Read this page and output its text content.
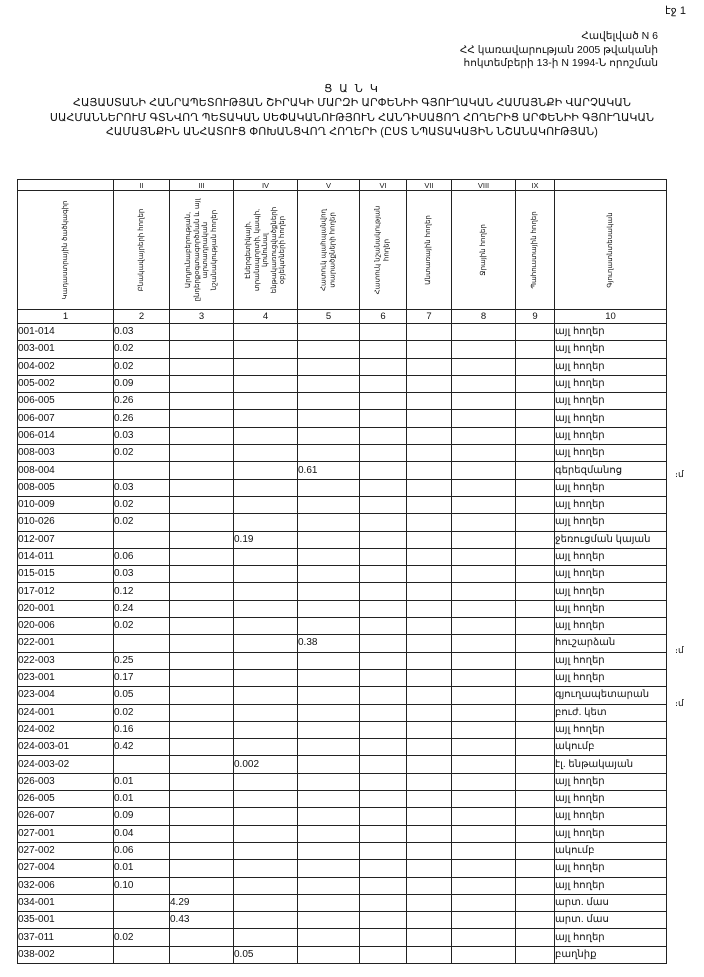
էջ 1
Հավելված N 6
ՀՀ կառավարության 2005 թվականի
հոկտեմբերի 13-ի N 1994-Ն որոշման
Ց Ա Ն Կ
ՀԱՅԱՍՏԱՆԻ ՀԱՆՐԱՊԵՏՈՒԹՅԱՆ ՇԻՐԱԿԻ ՄԱՐԶԻ ԱՐՓԵՆԻԻ ԳՅՈՒՂԱԿԱՆ ՀԱՄԱՅՆՔԻ ՎԱՐՉԱԿԱՆ ՍԱՀՄԱՆՆԵՐՈՒՄ ԳՏՆՎՈՂ ՊԵՏԱԿԱՆ ՍԵՓԱԿԱՆՈՒԹՅՈՒՆ ՀԱՆԴԻՍԱՑՈՂ ՀՈՂԵՐԻՑ ԱՐՓԵՆԻԻ ԳՅՈՒՂԱԿԱՆ ՀԱՄԱՅՆՔԻՆ ԱՆՀԱՏՈՒՑ ՓՈԽԱՆՑՎՈՂ ՀՈՂԵՐԻ (ԸՍՏ ՆՊԱՏԱԿԱՅԻՆ ՆՇԱՆԱԿՈՒԹՅԱՆ)
	II	III	IV	V	VI	VII	VIII	IX	

Կադաստրային ծածկագիր	Բնակավայրերի հողեր	Արդյունաբերության, ընդերքօգտագործման և այլ արտադրական նշանակության հողեր	Էներգետիկայի, տրանսպորտի, կապի, կոմունալ ենթակառուցվածքների օբյեկտների հողեր	Հատուկ պահպանվող տարածքների հողեր	Հատուկ նշանակության հողեր	Անտառային հողեր	Ջրային հողեր	Պահուստային հողեր	Գյուղատնտեսական

1	2	3	4	5	6	7	8	9	10
001-014	0.03								այլ հողեր
003-001	0.02								այլ հողեր
004-002	0.02								այլ հողեր
005-002	0.09								այլ հողեր
006-005	0.26								այլ հողեր
006-007	0.26								այլ հողեր
006-014	0.03								այլ հողեր
008-003	0.02								այլ հողեր
008-004				0.61					գերեզմանոց
008-005	0.03								այլ հողեր
010-009	0.02								այլ հողեր
010-026	0.02								այլ հողեր
012-007			0.19						ջեռուցման կայան
014-011	0.06								այլ հողեր
015-015	0.03								այլ հողեր
017-012	0.12								այլ հողեր
020-001	0.24								այլ հողեր
020-006	0.02								այլ հողեր
022-001				0.38					հուշարձան
022-003	0.25								այլ հողեր
023-001	0.17								այլ հողեր
023-004	0.05								գյուղապետարան
024-001	0.02								բուժ. կետ
024-002	0.16								այլ հողեր
024-003-01	0.42								ակումբ
024-003-02			0.002						էլ. ենթակայան
026-003	0.01								այլ հողեր
026-005	0.01								այլ հողեր
026-007	0.09								այլ հողեր
027-001	0.04								այլ հողեր
027-002	0.06								ակումբ
027-004	0.01								այլ հողեր
032-006	0.10								այլ հողեր
034-001		4.29							արտ. մաս
035-001		0.43							արտ. մաս
037-011	0.02								այլ հողեր
038-002			0.05						բաղնիք
։մ
։մ
։մ
